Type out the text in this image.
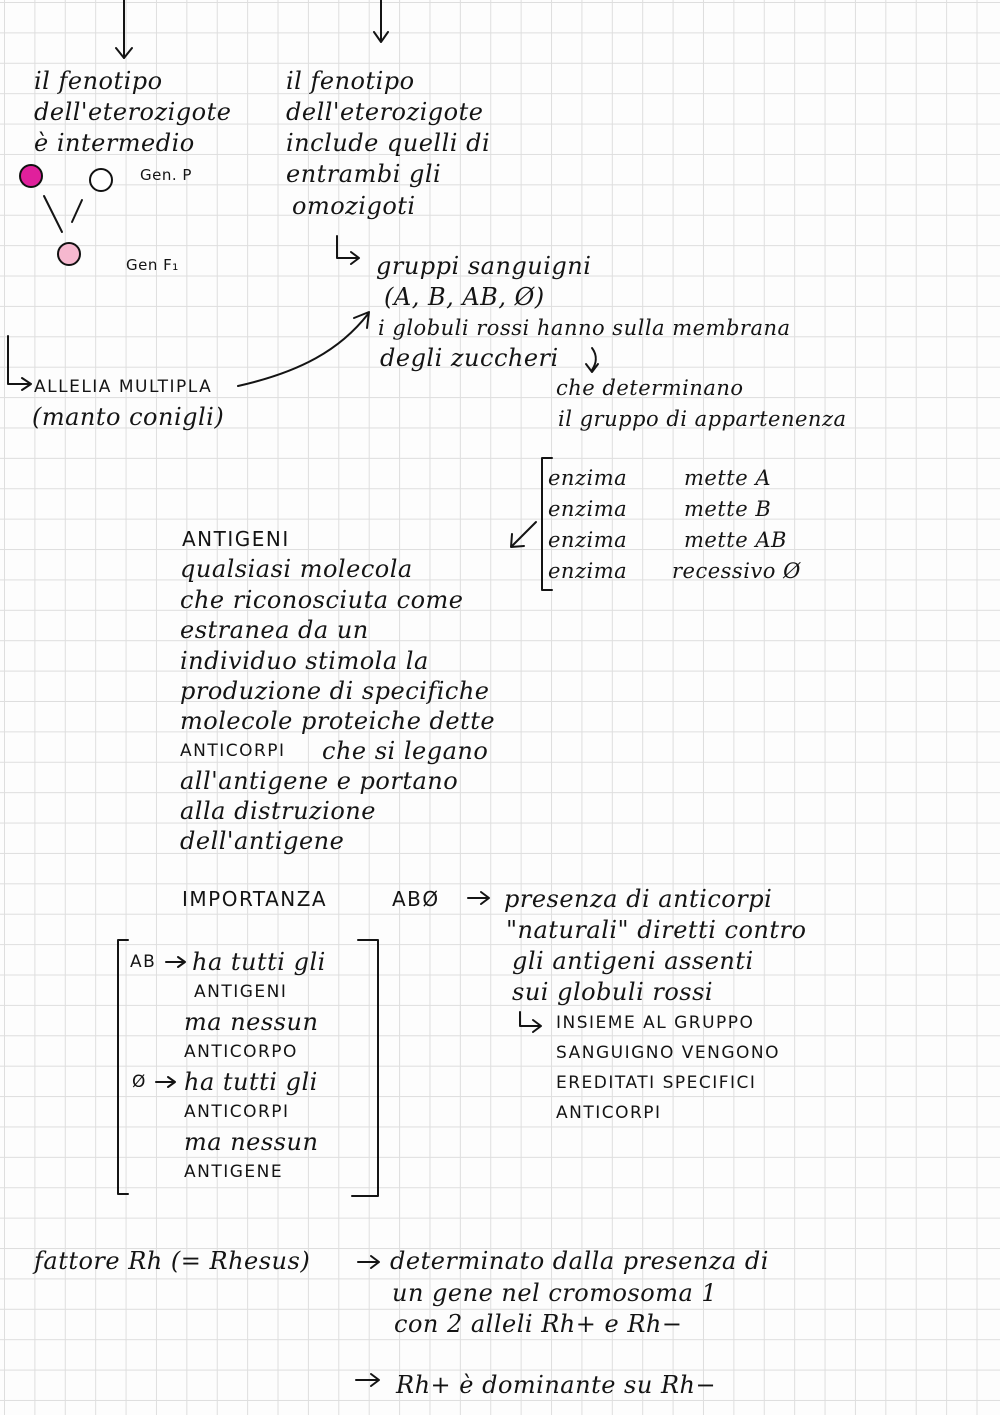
il fenotipo
dell'eterozigote
è intermedio
Gen. P
Gen F₁
il fenotipo
dell'eterozigote
include quelli di
entrambi gli
omozigoti
gruppi sanguigni
(A, B, AB, Ø)
i globuli rossi hanno sulla membrana
degli zuccheri
che determinano
il gruppo di appartenenza
ALLELIA MULTIPLA
(manto conigli)
enzima	mette A
enzima	mette B
enzima	mette AB
enzima recessivo Ø
ANTIGENI
qualsiasi molecola
che riconosciuta come
estranea da un
individuo stimola la
produzione di specifiche
molecole proteiche dette
ANTICORPI che si legano
all'antigene e portano
alla distruzione
dell'antigene
IMPORTANZA	ABØ	presenza di anticorpi
"naturali" diretti contro
gli antigeni assenti
sui globuli rossi
INSIEME AL GRUPPO
SANGUIGNO VENGONO
EREDITATI SPECIFICI
ANTICORPI
AB ha tutti gli
ANTIGENI
ma nessun
ANTICORPO
Ø ha tutti gli
ANTICORPI
ma nessun
ANTIGENE
fattore Rh (= Rhesus)	determinato dalla presenza di
un gene nel cromosoma 1
con 2 alleli Rh+ e Rh−
Rh+ è dominante su Rh−
